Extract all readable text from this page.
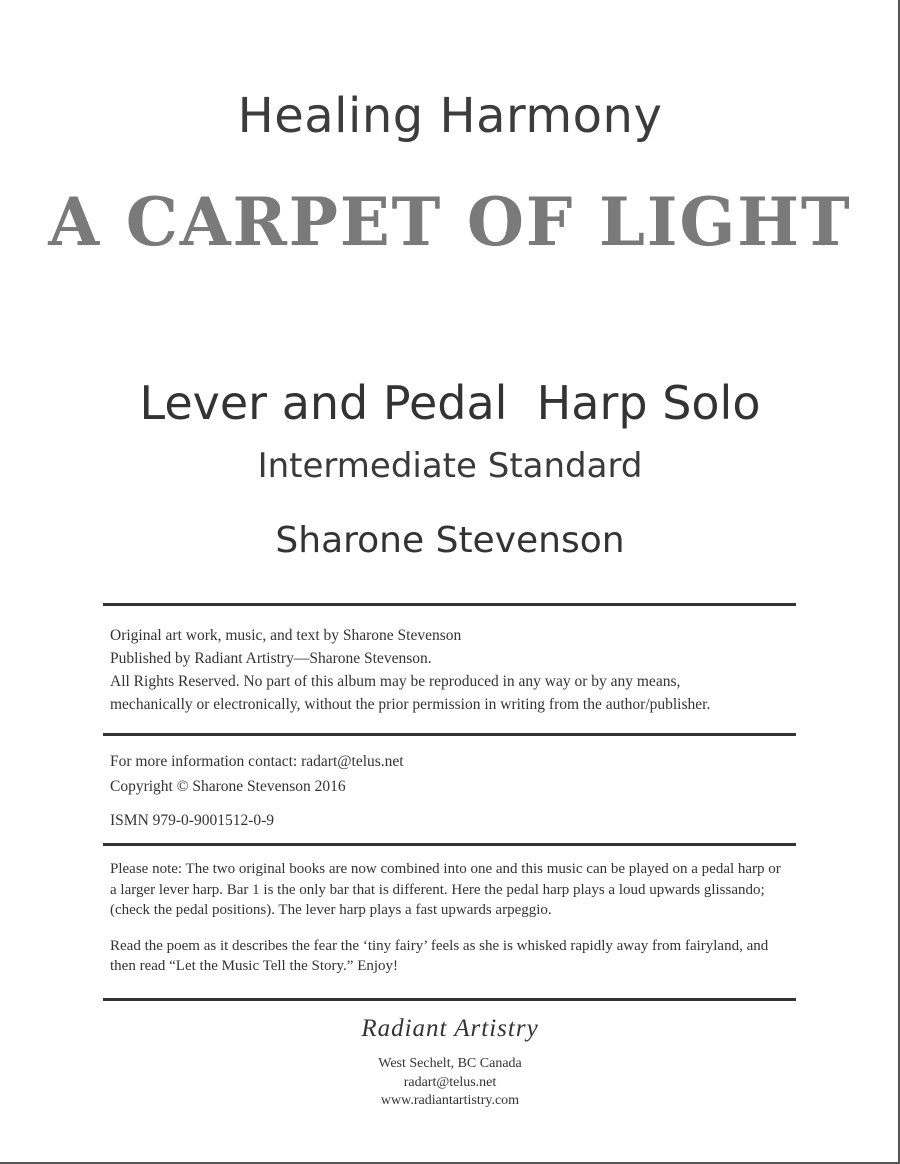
Healing Harmony
A CARPET OF LIGHT
Lever and Pedal  Harp Solo
Intermediate Standard
Sharone Stevenson

Original art work, music, and text by Sharone Stevenson

Published by Radiant Artistry—Sharone Stevenson.

All Rights Reserved. No part of this album may be reproduced in any way or by any means,

mechanically or electronically, without the prior permission in writing from the author/publisher.

For more information contact: radart@telus.net

Copyright © Sharone Stevenson 2016

ISMN 979-0-9001512-0-9

Please note: The two original books are now combined into one and this music can be played on a pedal harp or a larger lever harp. Bar 1 is the only bar that is different. Here the pedal harp plays a loud upwards glissando; (check the pedal positions). The lever harp plays a fast upwards arpeggio.

Read the poem as it describes the fear the ‘tiny fairy’ feels as she is whisked rapidly away from fairyland, and then read “Let the Music Tell the Story.” Enjoy!

Radiant Artistry
West Sechelt, BC Canada
radart@telus.net
www.radiantartistry.com
